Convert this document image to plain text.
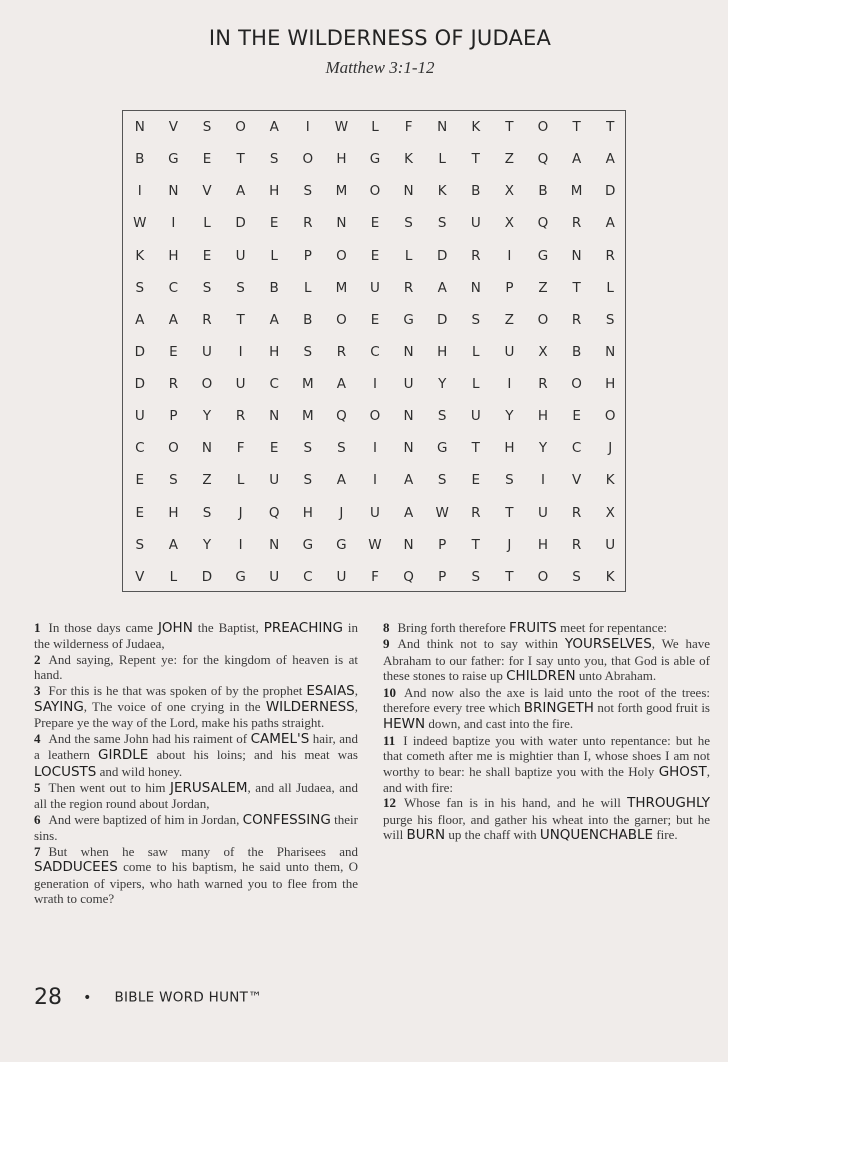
IN THE WILDERNESS OF JUDAEA
Matthew 3:1-12
N	V	S	O	A	I	W	L	F	N	K	T	O	T	T
B	G	E	T	S	O	H	G	K	L	T	Z	Q	A	A
I	N	V	A	H	S	M	O	N	K	B	X	B	M	D
W	I	L	D	E	R	N	E	S	S	U	X	Q	R	A
K	H	E	U	L	P	O	E	L	D	R	I	G	N	R
S	C	S	S	B	L	M	U	R	A	N	P	Z	T	L
A	A	R	T	A	B	O	E	G	D	S	Z	O	R	S
D	E	U	I	H	S	R	C	N	H	L	U	X	B	N
D	R	O	U	C	M	A	I	U	Y	L	I	R	O	H
U	P	Y	R	N	M	Q	O	N	S	U	Y	H	E	O
C	O	N	F	E	S	S	I	N	G	T	H	Y	C	J
E	S	Z	L	U	S	A	I	A	S	E	S	I	V	K
E	H	S	J	Q	H	J	U	A	W	R	T	U	R	X
S	A	Y	I	N	G	G	W	N	P	T	J	H	R	U
V	L	D	G	U	C	U	F	Q	P	S	T	O	S	K

1 In those days came JOHN the Baptist, PREACHING in the wilderness of Judaea,

2 And saying, Repent ye: for the kingdom of heaven is at hand.

3 For this is he that was spoken of by the prophet ESAIAS, SAYING, The voice of one crying in the WILDERNESS, Prepare ye the way of the Lord, make his paths straight.

4 And the same John had his raiment of CAMEL'S hair, and a leathern GIRDLE about his loins; and his meat was LOCUSTS and wild honey.

5 Then went out to him JERUSALEM, and all Judaea, and all the region round about Jordan,

6 And were baptized of him in Jordan, CONFESSING their sins.

7 But when he saw many of the Pharisees and SADDUCEES come to his baptism, he said unto them, O generation of vipers, who hath warned you to flee from the wrath to come?

8 Bring forth therefore FRUITS meet for repentance:

9 And think not to say within YOURSELVES, We have Abraham to our father: for I say unto you, that God is able of these stones to raise up CHILDREN unto Abraham.

10 And now also the axe is laid unto the root of the trees: therefore every tree which BRINGETH not forth good fruit is HEWN down, and cast into the fire.

11 I indeed baptize you with water unto repentance: but he that cometh after me is mightier than I, whose shoes I am not worthy to bear: he shall baptize you with the Holy GHOST, and with fire:

12 Whose fan is in his hand, and he will THROUGHLY purge his floor, and gather his wheat into the garner; but he will BURN up the chaff with UNQUENCHABLE fire.

28 • BIBLE WORD HUNT™
